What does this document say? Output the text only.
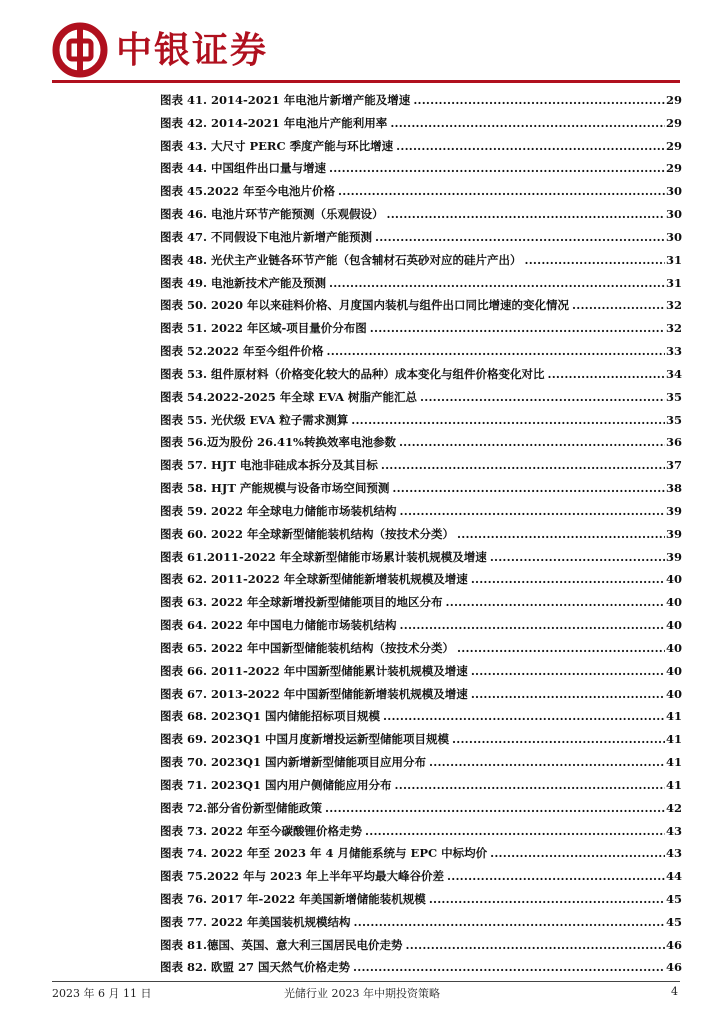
中银证券
图表 41. 2014-2021 年电池片新增产能及增速 .....	29
图表 42. 2014-2021 年电池片产能利用率 .....	29
图表 43. 大尺寸 PERC 季度产能与环比增速 .....	29
图表 44. 中国组件出口量与增速 .....	29
图表 45.2022 年至今电池片价格 .....	30
图表 46. 电池片环节产能预测（乐观假设） .....	30
图表 47. 不同假设下电池片新增产能预测 .....	30
图表 48. 光伏主产业链各环节产能（包含辅材石英砂对应的硅片产出） .....	31
图表 49. 电池新技术产能及预测 .....	31
图表 50. 2020 年以来硅料价格、月度国内装机与组件出口同比增速的变化情况 .....	32
图表 51. 2022 年区域-项目量价分布图 .....	32
图表 52.2022 年至今组件价格 .....	33
图表 53. 组件原材料（价格变化较大的品种）成本变化与组件价格变化对比 .....	34
图表 54.2022-2025 年全球 EVA 树脂产能汇总 .....	35
图表 55. 光伏级 EVA 粒子需求测算 .....	35
图表 56.迈为股份 26.41%转换效率电池参数 .....	36
图表 57. HJT 电池非硅成本拆分及其目标 .....	37
图表 58. HJT 产能规模与设备市场空间预测 .....	38
图表 59. 2022 年全球电力储能市场装机结构 .....	39
图表 60. 2022 年全球新型储能装机结构（按技术分类） .....	39
图表 61.2011-2022 年全球新型储能市场累计装机规模及增速 .....	39
图表 62. 2011-2022 年全球新型储能新增装机规模及增速 .....	40
图表 63. 2022 年全球新增投新型储能项目的地区分布 .....	40
图表 64. 2022 年中国电力储能市场装机结构 .....	40
图表 65. 2022 年中国新型储能装机结构（按技术分类） .....	40
图表 66. 2011-2022 年中国新型储能累计装机规模及增速 .....	40
图表 67. 2013-2022 年中国新型储能新增装机规模及增速 .....	40
图表 68. 2023Q1 国内储能招标项目规模 .....	41
图表 69. 2023Q1 中国月度新增投运新型储能项目规模 .....	41
图表 70. 2023Q1 国内新增新型储能项目应用分布 .....	41
图表 71. 2023Q1 国内用户侧储能应用分布 .....	41
图表 72.部分省份新型储能政策 .....	42
图表 73. 2022 年至今碳酸锂价格走势 .....	43
图表 74. 2022 年至 2023 年 4 月储能系统与 EPC 中标均价 .....	43
图表 75.2022 年与 2023 年上半年平均最大峰谷价差 .....	44
图表 76. 2017 年-2022 年美国新增储能装机规模 .....	45
图表 77. 2022 年美国装机规模结构 .....	45
图表 81.德国、英国、意大利三国居民电价走势 .....	46
图表 82. 欧盟 27 国天然气价格走势 .....	46
2023 年 6 月 11 日	光储行业 2023 年中期投资策略	4
